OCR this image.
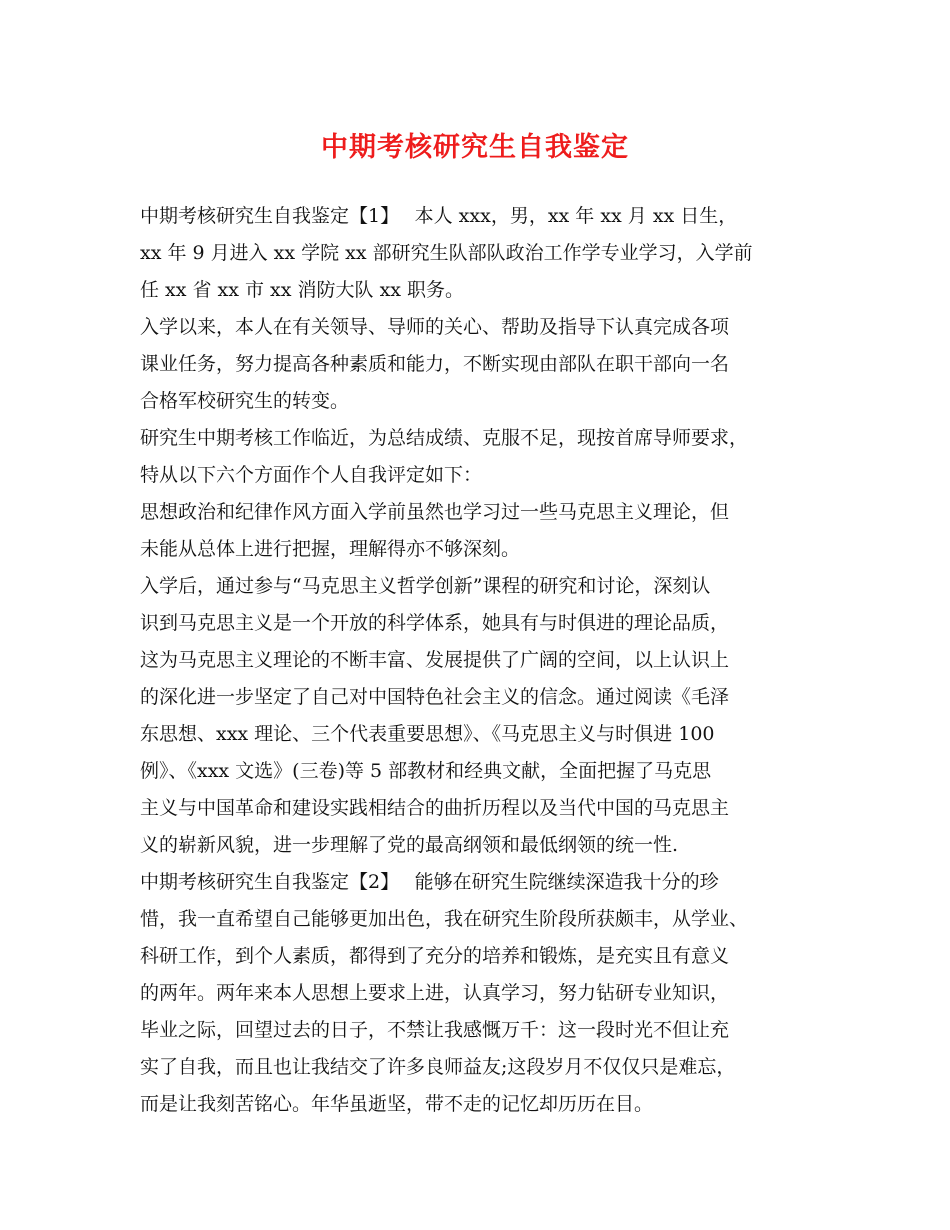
中期考核研究生自我鉴定
中期考核研究生自我鉴定【1】　 本人 xxx，男，xx 年 xx 月 xx 日生，
xx 年 9 月进入 xx 学院 xx 部研究生队部队政治工作学专业学习，入学前
任 xx 省 xx 市 xx 消防大队 xx 职务。
入学以来，本人在有关领导、导师的关心、帮助及指导下认真完成各项
课业任务，努力提高各种素质和能力，不断实现由部队在职干部向一名
合格军校研究生的转变。
研究生中期考核工作临近，为总结成绩、克服不足，现按首席导师要求，
特从以下六个方面作个人自我评定如下：
思想政治和纪律作风方面入学前虽然也学习过一些马克思主义理论，但
未能从总体上进行把握，理解得亦不够深刻。
入学后，通过参与“马克思主义哲学创新”课程的研究和讨论，深刻认
识到马克思主义是一个开放的科学体系，她具有与时俱进的理论品质，
这为马克思主义理论的不断丰富、发展提供了广阔的空间，以上认识上
的深化进一步坚定了自己对中国特色社会主义的信念。通过阅读《毛泽
东思想、xxx 理论、三个代表重要思想》、《马克思主义与时俱进 100
例》、《xxx 文选》(三卷)等 5 部教材和经典文献，全面把握了马克思
主义与中国革命和建设实践相结合的曲折历程以及当代中国的马克思主
义的崭新风貌，进一步理解了党的最高纲领和最低纲领的统一性.
中期考核研究生自我鉴定【2】　 能够在研究生院继续深造我十分的珍
惜，我一直希望自己能够更加出色，我在研究生阶段所获颇丰，从学业、
科研工作，到个人素质，都得到了充分的培养和锻炼，是充实且有意义
的两年。两年来本人思想上要求上进，认真学习，努力钻研专业知识，
毕业之际，回望过去的日子，不禁让我感慨万千：这一段时光不但让充
实了自我，而且也让我结交了许多良师益友;这段岁月不仅仅只是难忘，
而是让我刻苦铭心。年华虽逝坚，带不走的记忆却历历在目。
